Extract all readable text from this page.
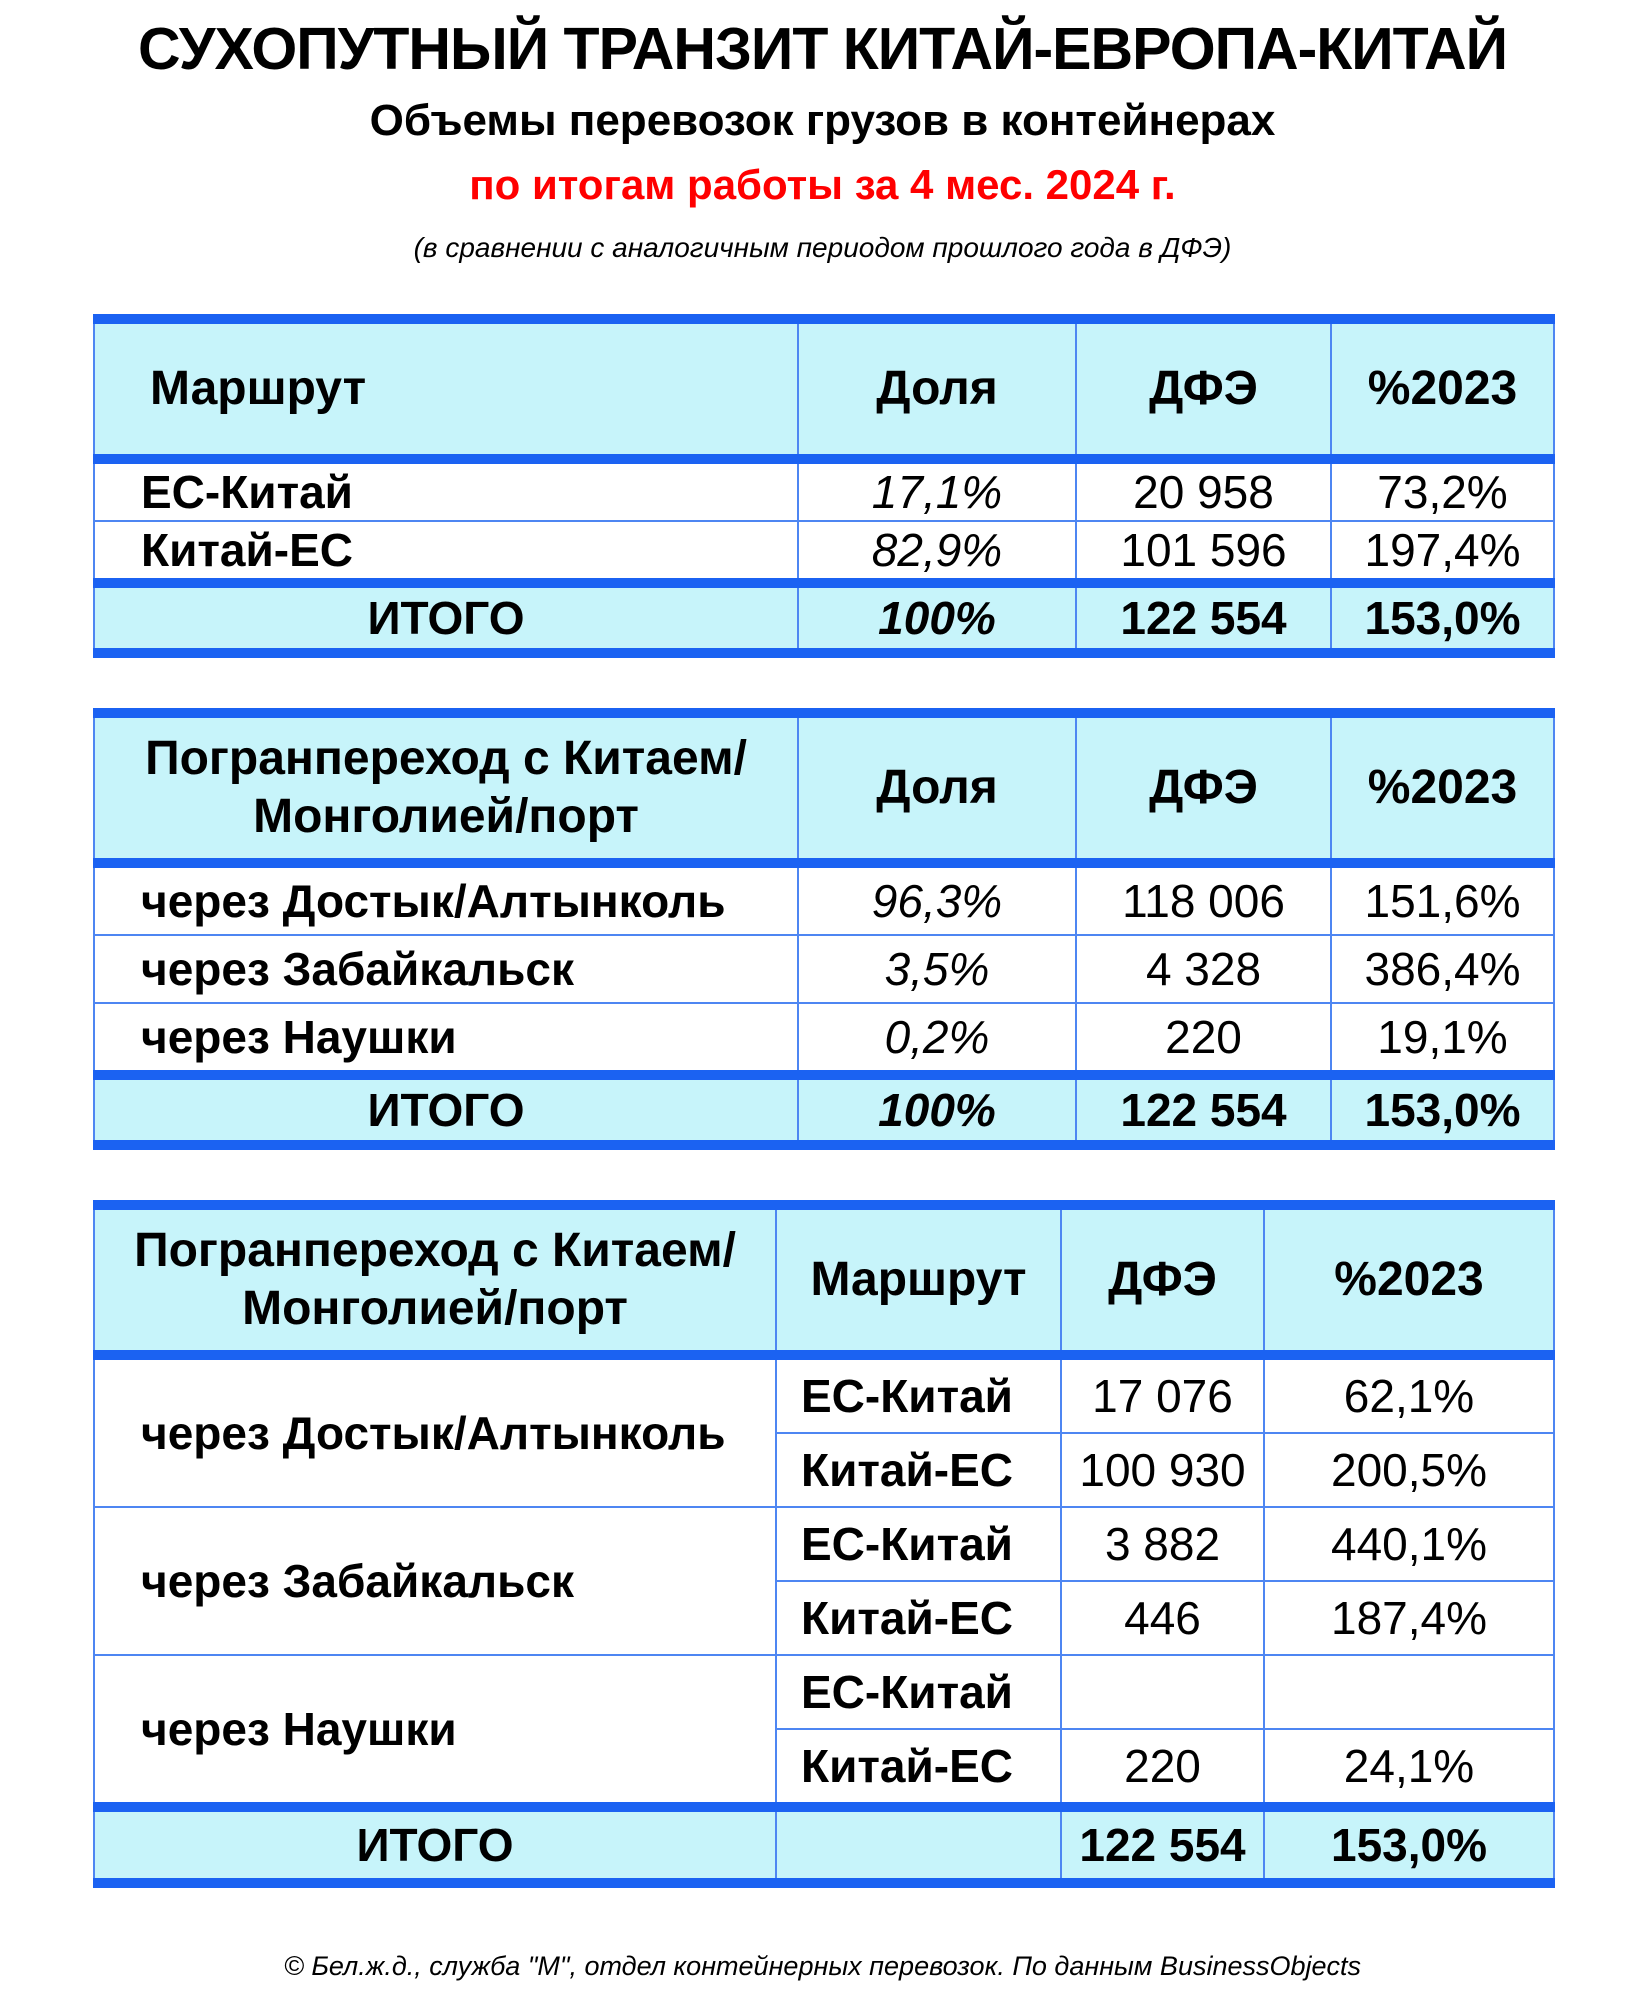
СУХОПУТНЫЙ ТРАНЗИТ КИТАЙ-ЕВРОПА-КИТАЙ
Объемы перевозок грузов в контейнерах
по итогам работы за 4 мес. 2024 г.
(в сравнении с аналогичным периодом прошлого года в ДФЭ)
Маршрут	Доля	ДФЭ	%2023
ЕС-Китай	17,1%	20 958	73,2%
Китай-ЕС	82,9%	101 596	197,4%
ИТОГО	100%	122 554	153,0%
Погранпереход с Китаем/Монголией/порт	Доля	ДФЭ	%2023
через Достык/Алтынколь	96,3%	118 006	151,6%
через Забайкальск	3,5%	4 328	386,4%
через Наушки	0,2%	220	19,1%
ИТОГО	100%	122 554	153,0%
Погранпереход с Китаем/Монголией/порт	Маршрут	ДФЭ	%2023
через Достык/Алтынколь	ЕС-Китай	17 076	62,1%
	Китай-ЕС	100 930	200,5%
через Забайкальск	ЕС-Китай	3 882	440,1%
	Китай-ЕС	446	187,4%
через Наушки	ЕС-Китай		
	Китай-ЕС	220	24,1%
ИТОГО		122 554	153,0%
© Бел.ж.д., служба "М", отдел контейнерных перевозок. По данным BusinessObjects
